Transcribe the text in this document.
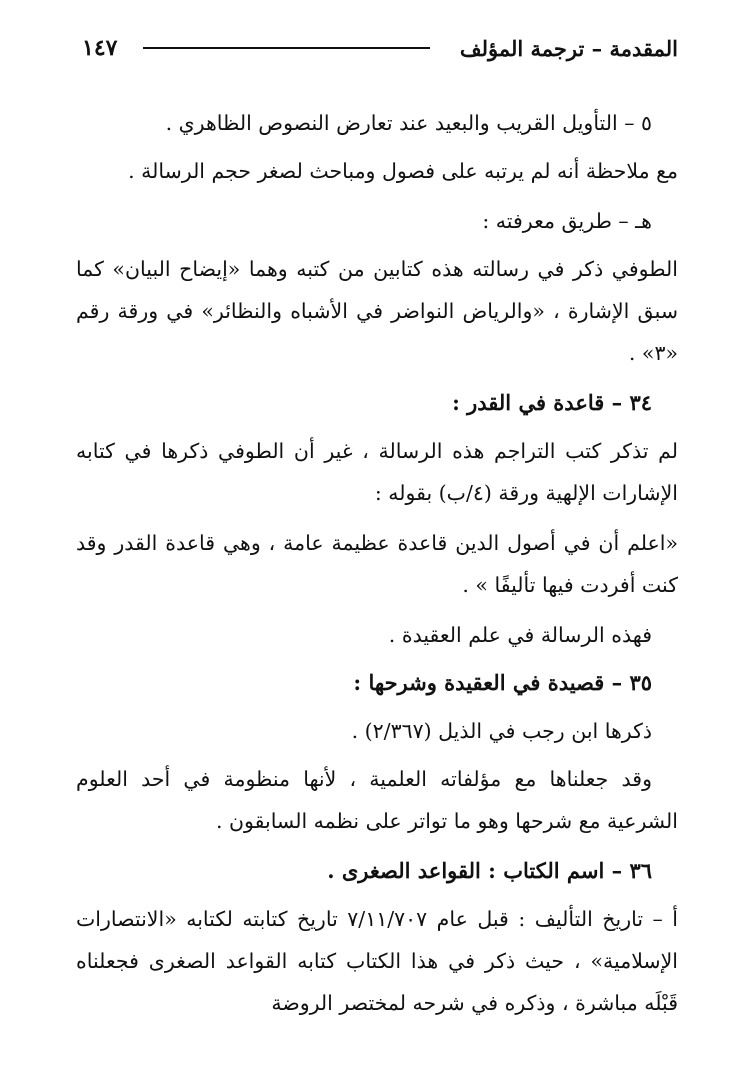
المقدمة – ترجمة المؤلف
١٤٧

٥ – التأويل القريب والبعيد عند تعارض النصوص الظاهري .

مع ملاحظة أنه لم يرتبه على فصول ومباحث لصغر حجم الرسالة .

هـ – طريق معرفته :

الطوفي ذكر في رسالته هذه كتابين من كتبه وهما «إيضاح البيان» كما سبق الإشارة ، «والرياض النواضر في الأشباه والنظائر» في ورقة رقم «٣» .

٣٤ – قاعدة في القدر :

لم تذكر كتب التراجم هذه الرسالة ، غير أن الطوفي ذكرها في كتابه الإشارات الإلهية ورقة (٤/ب) بقوله :

«اعلم أن في أصول الدين قاعدة عظيمة عامة ، وهي قاعدة القدر وقد كنت أفردت فيها تأليفًا » .

فهذه الرسالة في علم العقيدة .

٣٥ – قصيدة في العقيدة وشرحها :

ذكرها ابن رجب في الذيل (٢/٣٦٧) .

وقد جعلناها مع مؤلفاته العلمية ، لأنها منظومة في أحد العلوم الشرعية مع شرحها وهو ما تواتر على نظمه السابقون .

٣٦ – اسم الكتاب : القواعد الصغرى .

أ – تاريخ التأليف : قبل عام ٧/١١/٧٠٧ تاريخ كتابته لكتابه «الانتصارات الإسلامية» ، حيث ذكر في هذا الكتاب كتابه القواعد الصغرى فجعلناه قَبْلَه مباشرة ، وذكره في شرحه لمختصر الروضة
